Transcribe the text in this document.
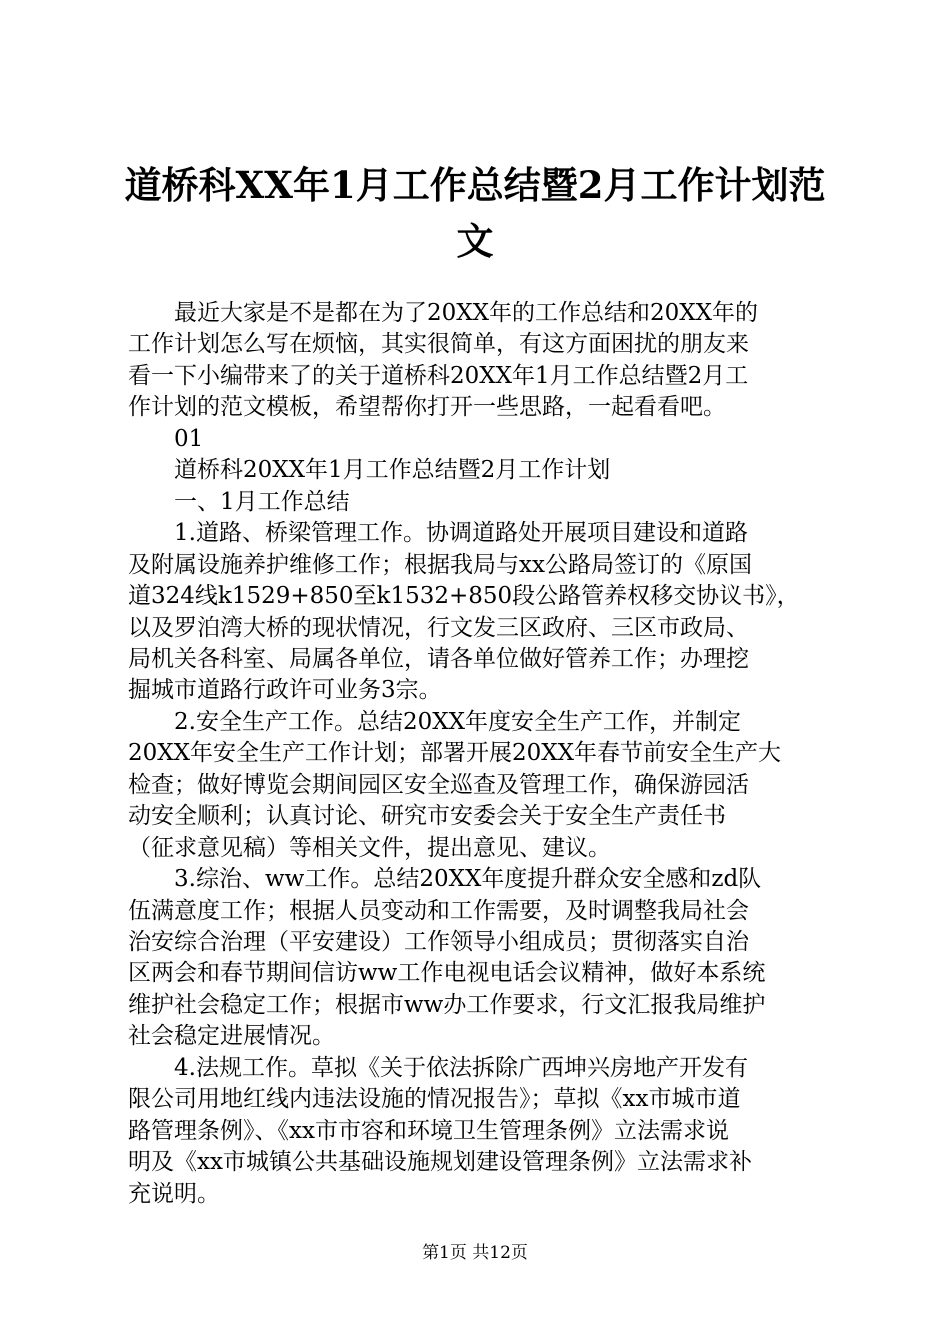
道桥科XX年1月工作总结暨2月工作计划范
文

　　最近大家是不是都在为了20XX年的工作总结和20XX年的

工作计划怎么写在烦恼，其实很简单，有这方面困扰的朋友来

看一下小编带来了的关于道桥科20XX年1月工作总结暨2月工

作计划的范文模板，希望帮你打开一些思路，一起看看吧。

　　01

　　道桥科20XX年1月工作总结暨2月工作计划

　　一、1月工作总结

　　1.道路、桥梁管理工作。协调道路处开展项目建设和道路

及附属设施养护维修工作；根据我局与xx公路局签订的《原国

道324线k1529+850至k1532+850段公路管养权移交协议书》，

以及罗泊湾大桥的现状情况，行文发三区政府、三区市政局、

局机关各科室、局属各单位，请各单位做好管养工作；办理挖

掘城市道路行政许可业务3宗。

　　2.安全生产工作。总结20XX年度安全生产工作，并制定

20XX年安全生产工作计划；部署开展20XX年春节前安全生产大

检查；做好博览会期间园区安全巡查及管理工作，确保游园活

动安全顺利；认真讨论、研究市安委会关于安全生产责任书

（征求意见稿）等相关文件，提出意见、建议。

　　3.综治、ww工作。总结20XX年度提升群众安全感和zd队

伍满意度工作；根据人员变动和工作需要，及时调整我局社会

治安综合治理（平安建设）工作领导小组成员；贯彻落实自治

区两会和春节期间信访ww工作电视电话会议精神，做好本系统

维护社会稳定工作；根据市ww办工作要求，行文汇报我局维护

社会稳定进展情况。

　　4.法规工作。草拟《关于依法拆除广西坤兴房地产开发有

限公司用地红线内违法设施的情况报告》；草拟《xx市城市道

路管理条例》、《xx市市容和环境卫生管理条例》立法需求说

明及《xx市城镇公共基础设施规划建设管理条例》立法需求补

充说明。

第1页 共12页
